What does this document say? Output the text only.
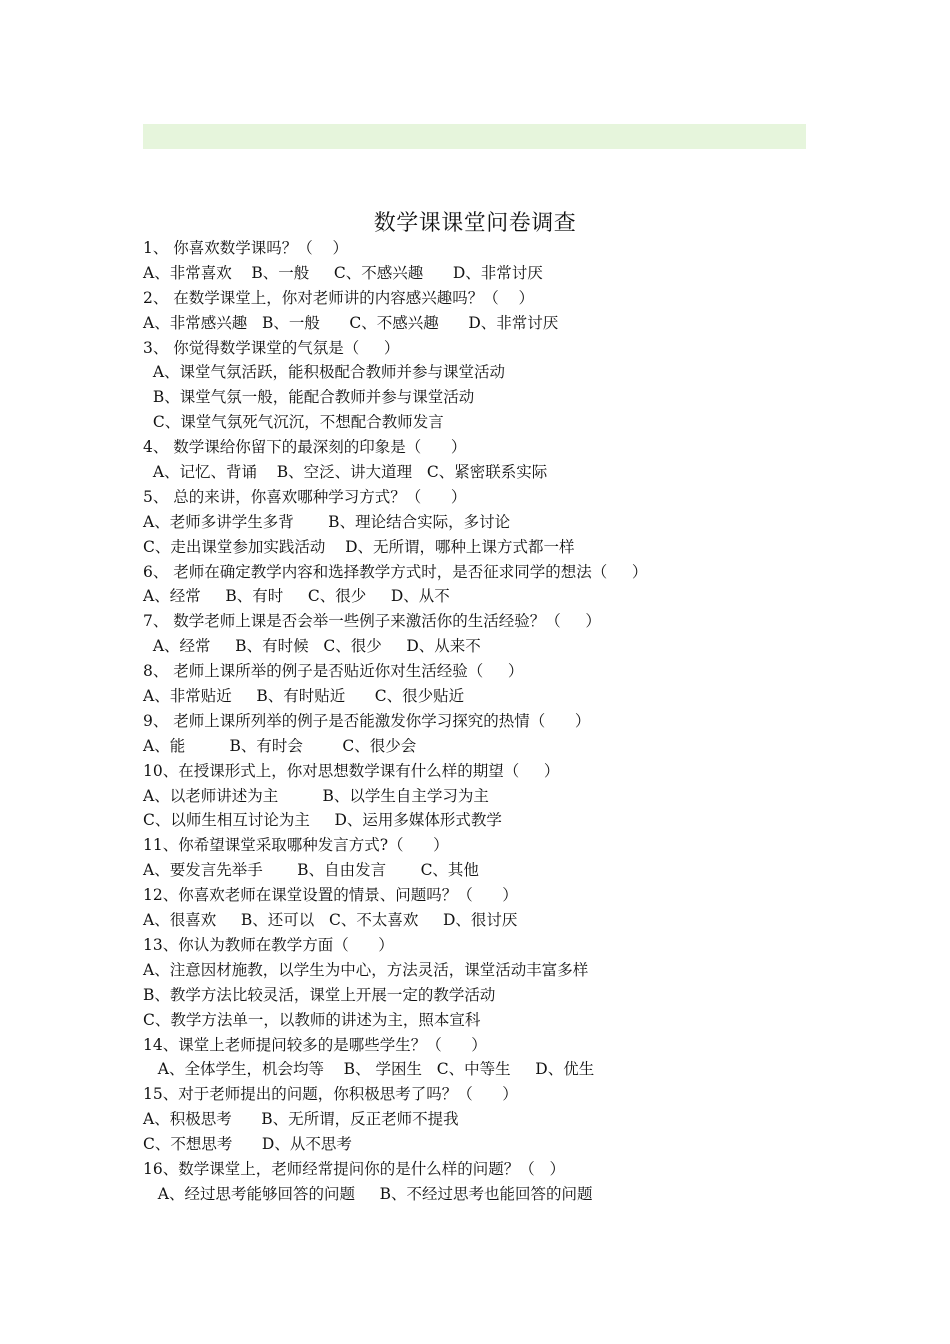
数学课课堂问卷调查
1、 你喜欢数学课吗？（    ）
A、非常喜欢    B、一般     C、不感兴趣      D、非常讨厌
2、 在数学课堂上，你对老师讲的内容感兴趣吗？（    ）
A、非常感兴趣   B、一般      C、不感兴趣      D、非常讨厌
3、 你觉得数学课堂的气氛是（     ）
A、课堂气氛活跃，能积极配合教师并参与课堂活动
B、课堂气氛一般，能配合教师并参与课堂活动
C、课堂气氛死气沉沉，不想配合教师发言
4、 数学课给你留下的最深刻的印象是（      ）
A、记忆、背诵    B、空泛、讲大道理   C、紧密联系实际
5、 总的来讲，你喜欢哪种学习方式？（      ）
A、老师多讲学生多背       B、理论结合实际，多讨论
C、走出课堂参加实践活动    D、无所谓，哪种上课方式都一样
6、 老师在确定教学内容和选择教学方式时，是否征求同学的想法（     ）
A、经常     B、有时     C、很少     D、从不
7、 数学老师上课是否会举一些例子来激活你的生活经验？（     ）
A、经常     B、有时候   C、很少     D、从来不
8、 老师上课所举的例子是否贴近你对生活经验（     ）
A、非常贴近     B、有时贴近      C、很少贴近
9、 老师上课所列举的例子是否能激发你学习探究的热情（      ）
A、能         B、有时会        C、很少会
10、在授课形式上，你对思想数学课有什么样的期望（     ）
A、以老师讲述为主         B、以学生自主学习为主
C、以师生相互讨论为主     D、运用多媒体形式教学
11、你希望课堂采取哪种发言方式?（      ）
A、要发言先举手       B、自由发言       C、其他
12、你喜欢老师在课堂设置的情景、问题吗？（      ）
A、很喜欢     B、还可以   C、不太喜欢     D、很讨厌
13、你认为教师在教学方面（      ）
A、注意因材施教，以学生为中心，方法灵活，课堂活动丰富多样
B、教学方法比较灵活，课堂上开展一定的教学活动
C、教学方法单一，以教师的讲述为主，照本宣科
14、课堂上老师提问较多的是哪些学生？（      ）
A、全体学生，机会均等    B、 学困生   C、中等生     D、优生
15、对于老师提出的问题，你积极思考了吗？（      ）
A、积极思考      B、无所谓，反正老师不提我
C、不想思考      D、从不思考
16、数学课堂上，老师经常提问你的是什么样的问题？（   ）
A、经过思考能够回答的问题     B、不经过思考也能回答的问题
